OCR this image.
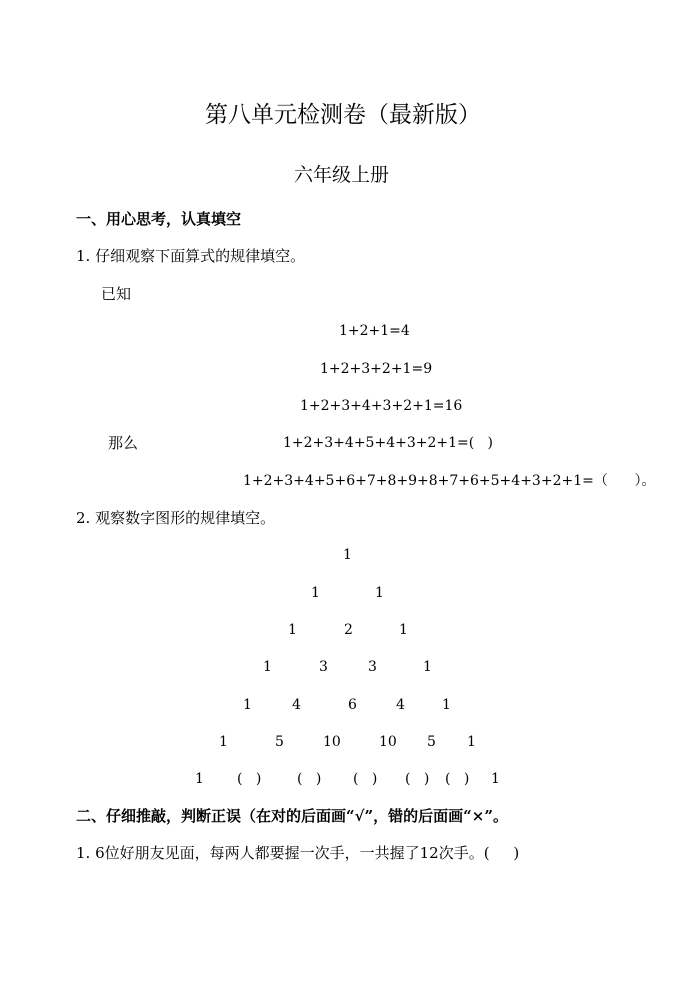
第八单元检测卷（最新版）
六年级上册
一、用心思考，认真填空
1. 仔细观察下面算式的规律填空。
已知
1+2+1=4
1+2+3+2+1=9
1+2+3+4+3+2+1=16
那么	1+2+3+4+5+4+3+2+1=(   )
1+2+3+4+5+6+7+8+9+8+7+6+5+4+3+2+1=（      ）。
2. 观察数字图形的规律填空。
1
1	1
1	2	1
1	3	3	1
1	4	6	4	1
1	5	10	10 5 1
1 (   )	(   ) (   ) (   ) (   ) 1
二、仔细推敲，判断正误（在对的后面画“√”，错的后面画“×”。
1. 6位好朋友见面，每两人都要握一次手，一共握了12次手。(     )
